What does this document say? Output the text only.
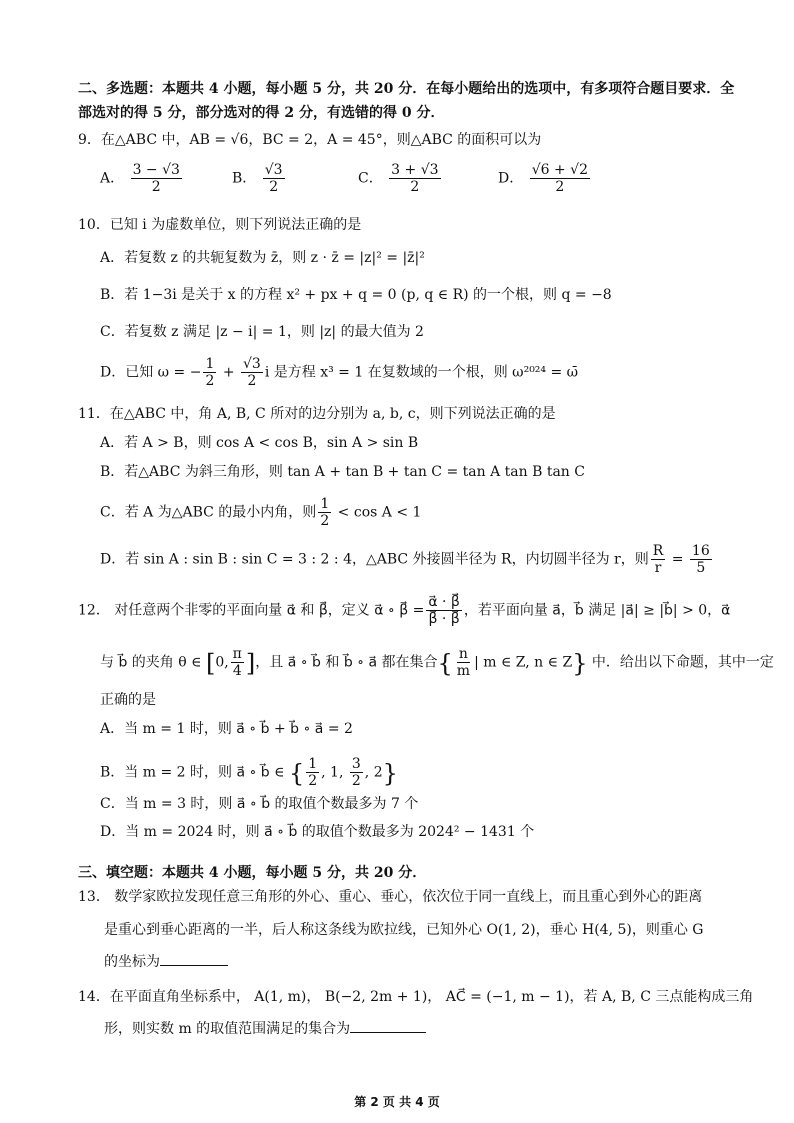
二、多选题：本题共 4 小题，每小题 5 分，共 20 分．在每小题给出的选项中，有多项符合题目要求．全
部选对的得 5 分，部分选对的得 2 分，有选错的得 0 分．
9．在△ABC 中，AB = √6，BC = 2，A = 45°，则△ABC 的面积可以为
A． $\frac{3 - √3}{2}$	B． $\frac{√3}{2}$	C． $\frac{3 + √3}{2}$	D． $\frac{√6 + √2}{2}$
10．已知 i 为虚数单位，则下列说法正确的是
A．若复数 z 的共轭复数为 z̄，则 z · z̄ = |z|² = |z̄|²
B．若 1−3i 是关于 x 的方程 x² + px + q = 0 (p, q ∈ R) 的一个根，则 q = −8
C．若复数 z 满足 |z − i| = 1，则 |z| 的最大值为 2
D．已知 ω = − $\frac{1}{2} + \frac{√3}{2}$ i 是方程 x³ = 1 在复数域的一个根，则 ω²⁰²⁴ = ω̄
11．在△ABC 中，角 A, B, C 所对的边分别为 a, b, c，则下列说法正确的是
A．若 A > B，则 cos A < cos B，sin A > sin B
B．若△ABC 为斜三角形，则 tan A + tan B + tan C = tan A tan B tan C
C．若 A 为△ABC 的最小内角，则 $\frac{1}{2} < \cos A < 1$
D．若 sin A : sin B : sin C = 3 : 2 : 4，△ABC 外接圆半径为 R，内切圆半径为 r，则 $\frac{R}{r} = \frac{16}{5}$
12． 对任意两个非零的平面向量 α⃗ 和 β⃗，定义 α⃗ ∘ β⃗ = $\frac{\alpha⃗ \cdot \beta⃗}{\beta⃗ \cdot \beta⃗}$ ，若平面向量 a⃗，b⃗ 满足 |a⃗| ≥ |b⃗| > 0，α⃗
与 b⃗ 的夹角 θ ∈ [0, $\frac{\pi}{4}$ ]，且 a⃗ ∘ b⃗ 和 b⃗ ∘ a⃗ 都在集合{ $\frac{n}{m}$ | m ∈ Z, n ∈ Z} 中．给出以下命题，其中一定
正确的是
A．当 m = 1 时，则 a⃗ ∘ b⃗ + b⃗ ∘ a⃗ = 2
B．当 m = 2 时，则 a⃗ ∘ b⃗ ∈ { $\frac{1}{2}$ , 1, $\frac{3}{2}$ , 2}
C．当 m = 3 时，则 a⃗ ∘ b⃗ 的取值个数最多为 7 个
D．当 m = 2024 时，则 a⃗ ∘ b⃗ 的取值个数最多为 2024² − 1431 个
三、填空题：本题共 4 小题，每小题 5 分，共 20 分．
13． 数学家欧拉发现任意三角形的外心、重心、垂心，依次位于同一直线上，而且重心到外心的距离
是重心到垂心距离的一半，后人称这条线为欧拉线，已知外心 O(1, 2)，垂心 H(4, 5)，则重心 G
的坐标为
14．在平面直角坐标系中， A(1, m)， B(−2, 2m + 1)， AC⃗ = (−1, m − 1)，若 A, B, C 三点能构成三角
形，则实数 m 的取值范围满足的集合为
第 2 页 共 4 页
